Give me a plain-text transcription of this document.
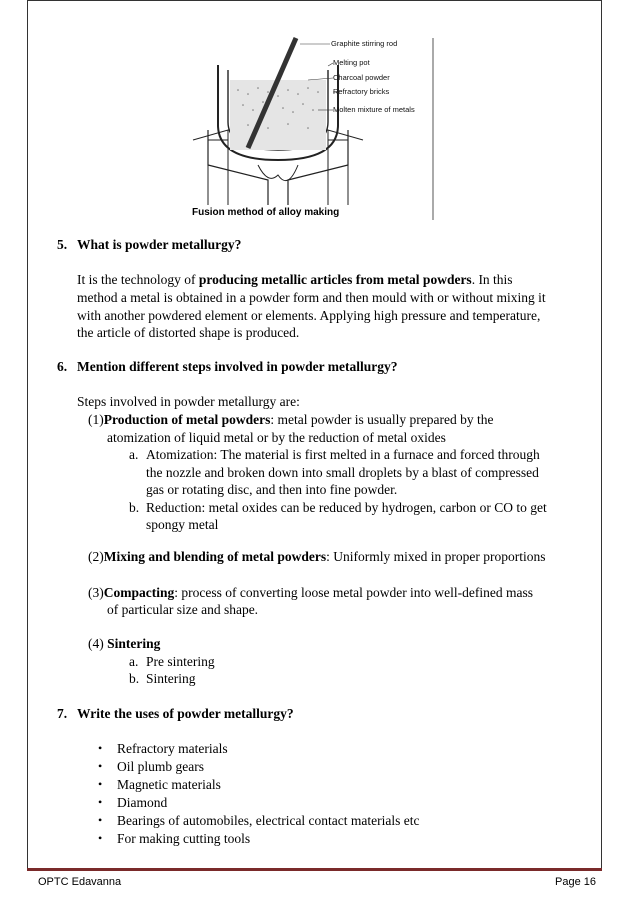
Graphite stirring rod
Melting pot
Charcoal powder
Refractory bricks
Molten mixture of metals
Fusion method of alloy making
5. What is powder metallurgy?
It is the technology of producing metallic articles from metal powders. In this
method a metal is obtained in a powder form and then mould with or without mixing it
with another powdered element or elements. Applying high pressure and temperature,
the article of distorted shape is produced.
6. Mention different steps involved in powder metallurgy?
Steps involved in powder metallurgy are:
(1)Production of metal powders: metal powder is usually prepared by the
atomization of liquid metal or by the reduction of metal oxides
a. Atomization: The material is first melted in a furnace and forced through
the nozzle and broken down into small droplets by a blast of compressed
gas or rotating disc, and then into fine powder.
b. Reduction: metal oxides can be reduced by hydrogen, carbon or CO to get
spongy metal
(2)Mixing and blending of metal powders: Uniformly mixed in proper proportions
(3)Compacting: process of converting loose metal powder into well-defined mass
of particular size and shape.
(4) Sintering
a. Pre sintering
b. Sintering
7. Write the uses of powder metallurgy?
• Refractory materials
• Oil plumb gears
• Magnetic materials
• Diamond
• Bearings of automobiles, electrical contact materials etc
• For making cutting tools
OPTC Edavanna	Page 16
